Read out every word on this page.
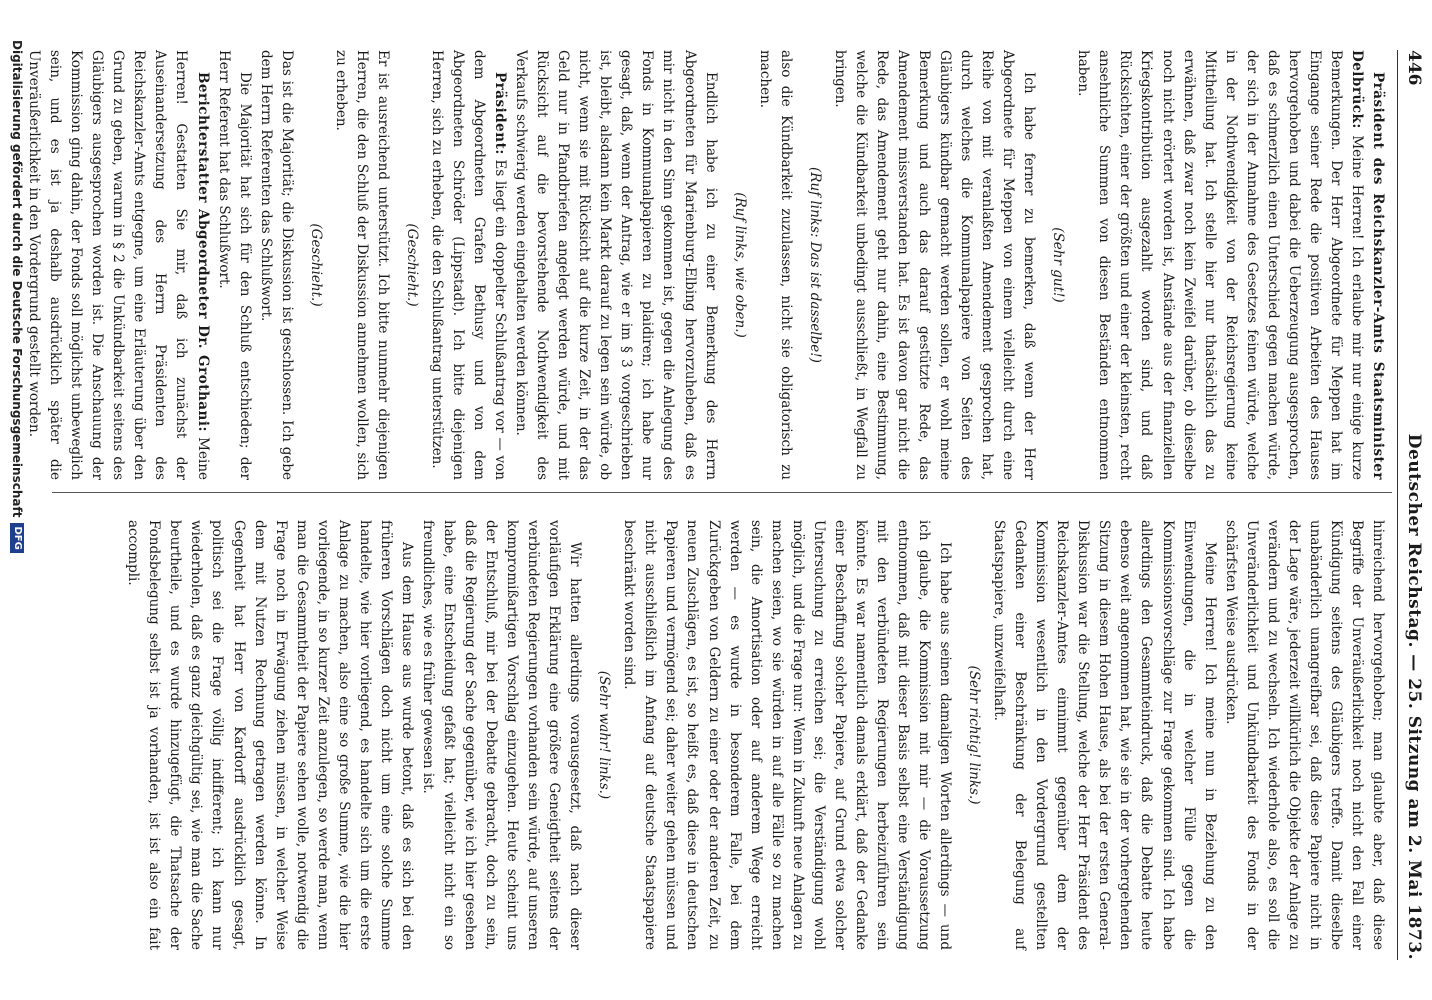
446
Deutscher Reichstag. — 25. Sitzung am 2. Mai 1873.

Präsident des Reichskanzler-Amts Staatsminister Delbrück: Meine Herren! Ich erlaube mir nur einige kurze Bemerkungen. Der Herr Abgeordnete für Meppen hat im Eingange seiner Rede die positiven Arbeiten des Hauses hervorgehoben und dabei die Ueberzeugung ausgesprochen, daß es schmerzlich einen Unterschied gegen machen würde, der sich in der Annahme des Gesetzes feinen würde, welche in der Nothwendigkeit von der Reichsregierung keine Mittheilung hat. Ich stelle hier nur thatsächlich das zu erwähnen, daß zwar noch kein Zweifel darüber, ob dieselbe noch nicht erörtert worden ist, Anstände aus der finanziellen Kriegskontribution ausgezahlt worden sind, und daß Rücksichten, einer der größten und einer der kleinsten, recht ansehnliche Summen von diesen Beständen entnommen haben.

(Sehr gut!)

Ich habe ferner zu bemerken, daß wenn der Herr Abgeordnete für Meppen von einem vielleicht durch eine Reihe von mit veranlaßten Amendement gesprochen hat, durch welches die Kommunalpapiere von Seiten des Gläubigers kündbar gemacht werden sollen, er wohl meine Bemerkung und auch das darauf gestützte Rede, das Amendement missverstanden hat. Es ist davon gar nicht die Rede, das Amendement geht nur dahin, eine Bestimmung, welche die Kündbarkeit unbedingt ausschließt, in Wegfall zu bringen.

(Ruf links: Das ist dasselbe!)

also die Kündbarkeit zuzulassen, nicht sie obligatorisch zu machen.

(Ruf links, wie oben.)

Endlich habe ich zu einer Bemerkung des Herrn Abgeordneten für Marienburg-Elbing hervorzuheben, daß es mir nicht in den Sinn gekommen ist, gegen die Anlegung des Fonds in Kommunalpapieren zu plaidiren; ich habe nur gesagt, daß, wenn der Antrag, wie er im § 3 vorgeschrieben ist, bleibt, alsdann kein Markt darauf zu legen sein würde, ob nicht, wenn sie mit Rücksicht auf die kurze Zeit, in der das Geld nur in Pfandbriefen angelegt werden würde, und mit Rücksicht auf die bevorstehende Nothwendigkeit des Verkaufs schwierig werden eingehalten werden können.

Präsident: Es liegt ein doppelter Schlußantrag vor — von dem Abgeordneten Grafen Bethusy und von dem Abgeordneten Schröder (Lippstadt). Ich bitte diejenigen Herren, sich zu erheben, die den Schlußantrag unterstützen.

(Geschieht.)

Er ist ausreichend unterstützt. Ich bitte nunmehr diejenigen Herren, die den Schluß der Diskussion annehmen wollen, sich zu erheben.

(Geschieht.)

Das ist die Majorität; die Diskussion ist geschlossen. Ich gebe dem Herrn Referenten das Schlußwort.

Die Majorität hat sich für den Schluß entschieden; der Herr Referent hat das Schlußwort.

Berichterstatter Abgeordneter Dr. Grothani: Meine Herren! Gestatten Sie mir, daß ich zunächst der Auseinandersetzung des Herrn Präsidenten des Reichskanzler-Amts entgegne, um eine Erläuterung über den Grund zu geben, warum in § 2 die Unkündbarkeit seitens des Gläubigers ausgesprochen worden ist. Die Anschauung der Kommission ging dahin, der Fonds soll möglichst unbeweglich sein, und es ist ja deshalb ausdrücklich später die Unveräußerlichkeit in den Vordergrund gestellt worden.

hinreichend hervorgehoben; man glaubte aber, daß diese Begriffe der Unveräußerlichkeit noch nicht den Fall einer Kündigung seitens des Gläubigers treffe. Damit dieselbe unabänderlich unangreifbar sei, daß diese Papiere nicht in der Lage wäre, jederzeit willkürlich die Objekte der Anlage zu verändern und zu wechseln. Ich wiederhole also, es soll die Unveränderlichkeit und Unkündbarkeit des Fonds in der schärfsten Weise ausdrücken.

Meine Herren! Ich meine nun in Beziehung zu den Einwendungen, die in welcher Fülle gegen die Kommissionsvorschläge zur Frage gekommen sind. Ich habe allerdings den Gesammteindruck, daß die Debatte heute ebenso weit angenommen hat, wie sie in der vorhergehenden Sitzung in diesem Hohen Hause, als bei der ersten General-Diskussion war die Stellung, welche der Herr Präsident des Reichskanzler-Amtes einnimmt gegenüber dem der Kommission wesentlich in den Vordergrund gestellten Gedanken einer Beschränkung der Belegung auf Staatspapiere, unzweifelhaft.

(Sehr richtig! links.)

Ich habe aus seinen damaligen Worten allerdings — und ich glaube, die Kommission mit mir — die Voraussetzung entnommen, daß mit dieser Basis selbst eine Verständigung mit den verbündeten Regierungen herbeizuführen sein könnte. Es war namentlich damals erklärt, daß der Gedanke einer Beschaffung solcher Papiere, auf Grund etwa solcher Untersuchung zu erreichen sei; die Verständigung wohl möglich, und die Frage nur: Wenn in Zukunft neue Anlagen zu machen seien, wo sie würden in auf alle Fälle so zu machen sein, die Amortisation oder auf anderem Wege erreicht werden — es wurde in besonderem Falle, bei dem Zurückgeben von Geldern zu einer oder der anderen Zeit, zu neuen Zuschlägen, es ist, so heißt es, daß diese in deutschen Papieren und vermögend sei; daher weiter gehen müssen und nicht ausschließlich im Anfang auf deutsche Staatspapiere beschränkt worden sind.

(Sehr wahr! links.)

Wir hatten allerdings vorausgesetzt, daß nach dieser vorläufigen Erklärung eine größere Geneigtheit seitens der verbündeten Regierungen vorhanden sein würde, auf unseren kompromißartigen Vorschlag einzugehen. Heute scheint uns der Entschluß, mir bei der Debatte gebracht, doch zu sein, daß die Regierung der Sache gegenüber, wie ich hier gesehen habe, eine Entscheidung gefaßt hat; vielleicht nicht ein so freundliches, wie es früher gewesen ist.

Aus dem Hause aus wurde betont, daß es sich bei den früheren Vorschlägen doch nicht um eine solche Summe handelte, wie hier vorliegend, es handelte sich um die erste Anlage zu machen, also eine so große Summe, wie die hier vorliegende, in so kurzer Zeit anzulegen, so werde man, wenn man die Gesammtheit der Papiere sehen wolle, notwendig die Frage noch in Erwägung ziehen müssen, in welcher Weise dem mit Nutzen Rechnung getragen werden könne. In Gegenheit hat Herr von Kardorff ausdrücklich gesagt, politisch sei die Frage völlig indifferent; ich kann nur wiederholen, daß es ganz gleichgültig sei, wie man die Sache beurtheile, und es wurde hinzugefügt, die Thatsache der Fondsbelegung selbst ist ja vorhanden, ist ist also ein fait accompli.

Digitalisierung gefördert durch die Deutsche Forschungsgemeinschaft
DFG
